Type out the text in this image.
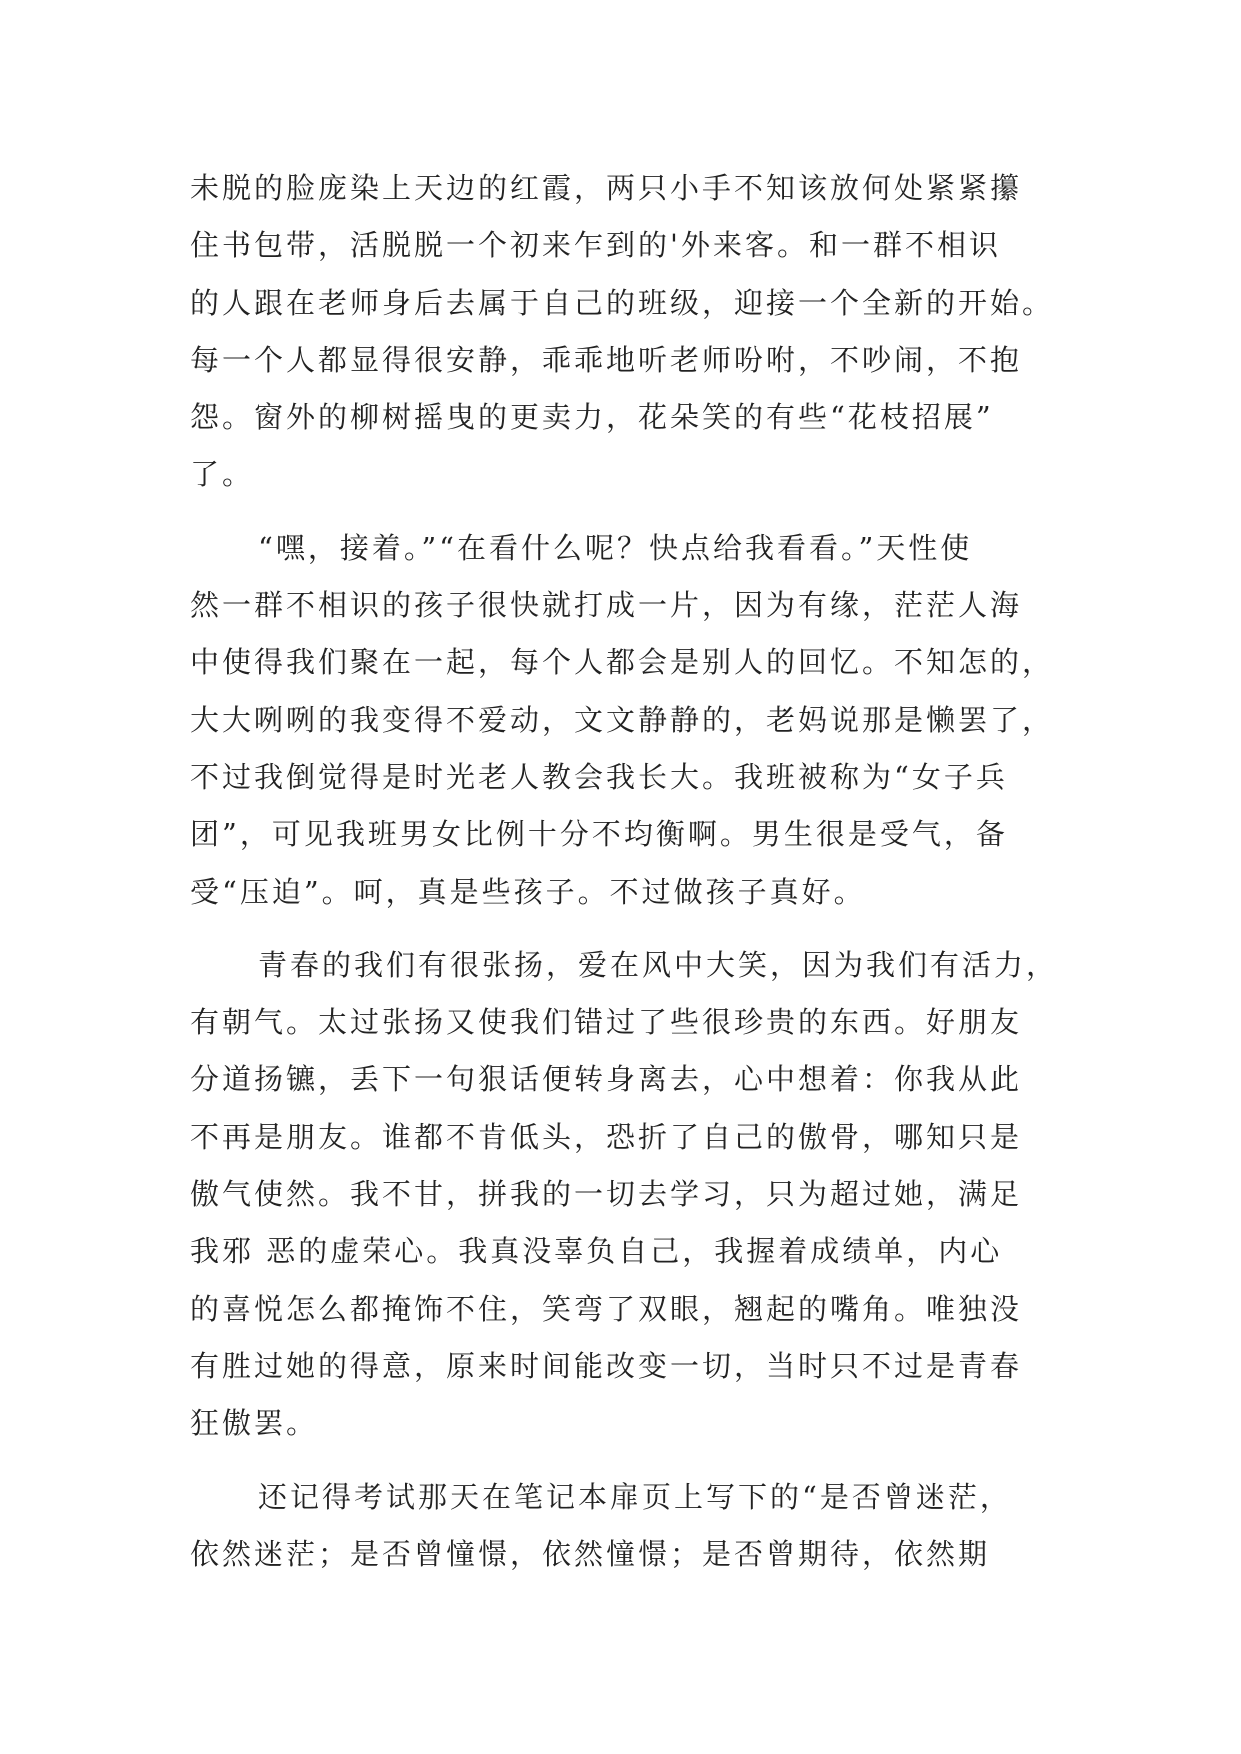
未脱的脸庞染上天边的红霞，两只小手不知该放何处紧紧攥
住书包带，活脱脱一个初来乍到的'外来客。和一群不相识
的人跟在老师身后去属于自己的班级，迎接一个全新的开始。
每一个人都显得很安静，乖乖地听老师吩咐，不吵闹，不抱
怨。窗外的柳树摇曳的更卖力，花朵笑的有些“花枝招展”
了。
“嘿，接着。”“在看什么呢？快点给我看看。”天性使
然一群不相识的孩子很快就打成一片，因为有缘，茫茫人海
中使得我们聚在一起，每个人都会是别人的回忆。不知怎的，
大大咧咧的我变得不爱动，文文静静的，老妈说那是懒罢了，
不过我倒觉得是时光老人教会我长大。我班被称为“女子兵
团”，可见我班男女比例十分不均衡啊。男生很是受气，备
受“压迫”。呵，真是些孩子。不过做孩子真好。
青春的我们有很张扬，爱在风中大笑，因为我们有活力，
有朝气。太过张扬又使我们错过了些很珍贵的东西。好朋友
分道扬镳，丢下一句狠话便转身离去，心中想着：你我从此
不再是朋友。谁都不肯低头，恐折了自己的傲骨，哪知只是
傲气使然。我不甘，拼我的一切去学习，只为超过她，满足
我邪 恶的虚荣心。我真没辜负自己，我握着成绩单，内心
的喜悦怎么都掩饰不住，笑弯了双眼，翘起的嘴角。唯独没
有胜过她的得意，原来时间能改变一切，当时只不过是青春
狂傲罢。
还记得考试那天在笔记本扉页上写下的“是否曾迷茫，
依然迷茫；是否曾憧憬，依然憧憬；是否曾期待，依然期
